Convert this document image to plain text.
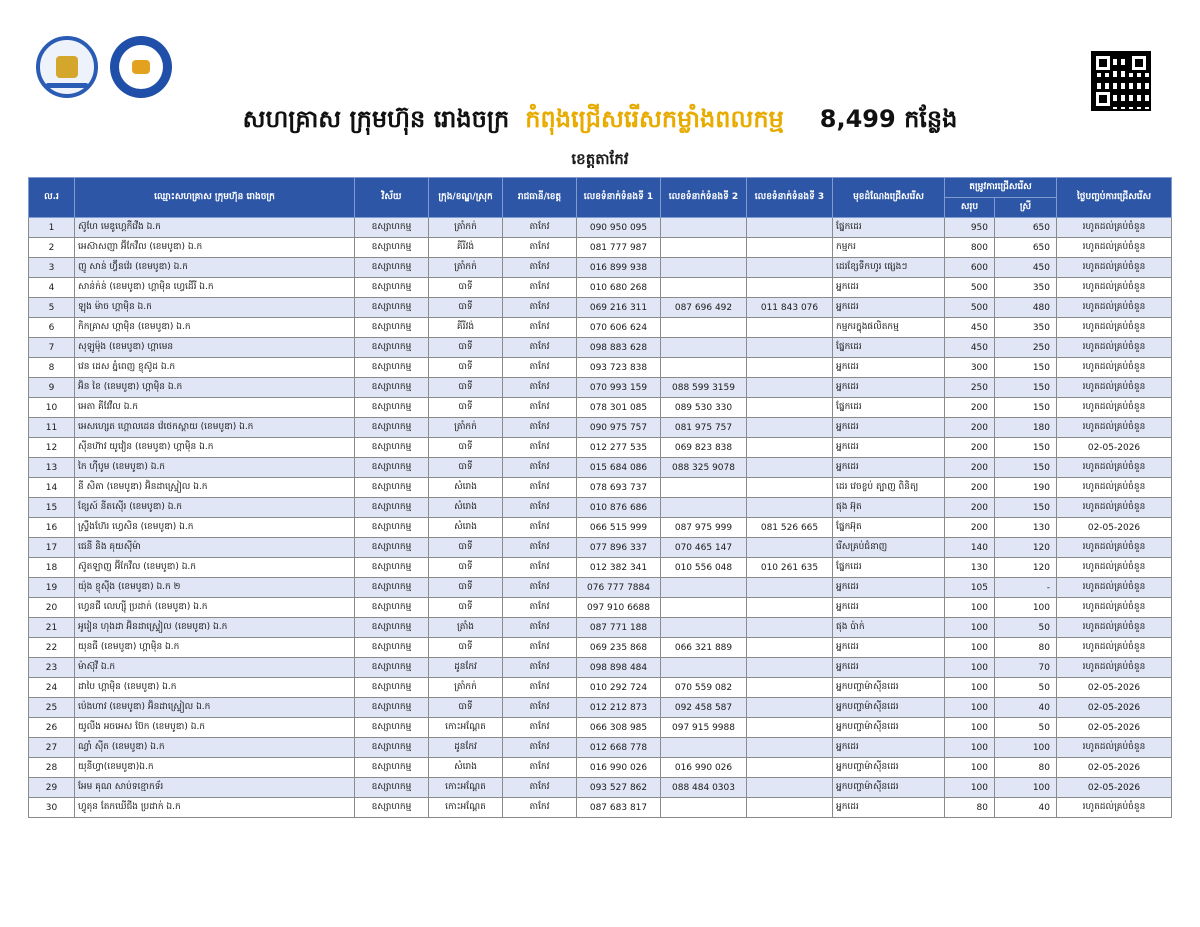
សហគ្រាស ក្រុមហ៊ុន រោងចក្រ កំពុងជ្រើសរើសកម្លាំងពលកម្ម 8,499 កន្លែង
ខេត្តតាកែវ
ល.រ	ឈ្មោះសហគ្រាស ក្រុមហ៊ុន រោងចក្រ	វិស័យ	ក្រុង/ខណ្ឌ/ស្រុក	រាជធានី/ខេត្ត	លេខទំនាក់ទំនងទី 1	លេខទំនាក់ទំនងទី 2	លេខទំនាក់ទំនងទី 3	មុខដំណែងជ្រើសរើស	តម្រូវការជ្រើសរើស		ថ្ងៃបញ្ចប់ការជ្រើសរើស
									សរុប	ស្រី	
1	ស៊ូហែ មេឌូហ្គេកឺវើង ឯ.ក	ឧស្សាហកម្ម	ត្រាំកក់	តាកែវ	090 950 095			ផ្នែកដេរ	950	650	រហូតដល់គ្រប់ចំនួន
2	អេស៊ាសញា អ៊ីកែវឹល (ខេមបូឌា) ឯ.ក	ឧស្សាហកម្ម	គីរីវង់	តាកែវ	081 777 987			កម្មករ	800	650	រហូតដល់គ្រប់ចំនួន
3	ញូ សាន់ ហ្វ៊ីនវ៉េរ (ខេមបូឌា) ឯ.ក	ឧស្សាហកម្ម	ត្រាំកក់	តាកែវ	016 899 938			ដេរខ្សែទឹកហូរ ផ្សេងៗ	600	450	រហូតដល់គ្រប់ចំនួន
4	សាន់ក់ន់ (ខេមបូឌា) ហ្គាម៉ិន ហ្វេដើរី ឯ.ក	ឧស្សាហកម្ម	បាទី	តាកែវ	010 680 268			អ្នកដេរ	500	350	រហូតដល់គ្រប់ចំនួន
5	ឡុង ម៉ាច ហ្គាម៉ិន ឯ.ក	ឧស្សាហកម្ម	បាទី	តាកែវ	069 216 311	087 696 492	011 843 076	អ្នកដេរ	500	480	រហូតដល់គ្រប់ចំនួន
6	កិកគ្រាស ហ្គាម៉ិន (ខេមបូឌា) ឯ.ក	ឧស្សាហកម្ម	គីរីវង់	តាកែវ	070 606 624			កម្មករក្នុងផលិតកម្ម	450	350	រហូតដល់គ្រប់ចំនួន
7	សុឡូម៉ុង (ខេមបូឌា) ហ្គាមេន	ឧស្សាហកម្ម	បាទី	តាកែវ	098 883 628			ផ្នែកដេរ	450	250	រហូតដល់គ្រប់ចំនួន
8	វេន ដេស ភ្នំពេញ ខ្ញុស៊ូដ ឯ.ក	ឧស្សាហកម្ម	បាទី	តាកែវ	093 723 838			អ្នកដេរ	300	150	រហូតដល់គ្រប់ចំនួន
9	អ៊ិន ខៃ (ខេមបូឌា) ហ្គាម៉ិន ឯ.ក	ឧស្សាហកម្ម	បាទី	តាកែវ	070 993 159	088 599 3159		អ្នកដេរ	250	150	រហូតដល់គ្រប់ចំនួន
10	អេតា គីវែវឹល ឯ.ក	ឧស្សាហកម្ម	បាទី	តាកែវ	078 301 085	089 530 330		ផ្នែកដេរ	200	150	រហូតដល់គ្រប់ចំនួន
11	អេសហ្សេត ហ្គោលដេន វ៉េថេកស្តាយ (ខេមបូឌា) ឯ.ក	ឧស្សាហកម្ម	ត្រាំកក់	តាកែវ	090 975 757	081 975 757		អ្នកដេរ	200	180	រហូតដល់គ្រប់ចំនួន
12	ស៊ីនហ៊ាវ យូវៀន (ខេមបូឌា) ហ្គាម៉ិន ឯ.ក	ឧស្សាហកម្ម	បាទី	តាកែវ	012 277 535	069 823 838		អ្នកដេរ	200	150	02-05-2026
13	កៃ ហ៊ីបូម (ខេមបូឌា) ឯ.ក	ឧស្សាហកម្ម	បាទី	តាកែវ	015 684 086	088 325 9078		អ្នកដេរ	200	150	រហូតដល់គ្រប់ចំនួន
14	នី សិតា (ខេមបូឌា) អ៊ិនដាស្ទ្រៀល ឯ.ក	ឧស្សាហកម្ម	សំរោង	តាកែវ	078 693 737			ដេរ វេចខ្ចប់ ត្បាញ ពិនិត្យ	200	190	រហូតដល់គ្រប់ចំនួន
15	ខ្សែស៍ នីតស៊ើរ (ខេមបូឌា) ឯ.ក	ឧស្សាហកម្ម	សំរោង	តាកែវ	010 876 686			ផុង អ៊ុត	200	150	រហូតដល់គ្រប់ចំនួន
16	ស្រ្ទឹងហ៊ែរ ហ្វេសិន (ខេមបូឌា) ឯ.ក	ឧស្សាហកម្ម	សំរោង	តាកែវ	066 515 999	087 975 999	081 526 665	ផ្នែកអ៊ុត	200	130	02-05-2026
17	ជេនី និង គុយស៊ីម៉ា	ឧស្សាហកម្ម	បាទី	តាកែវ	077 896 337	070 465 147		រើសគ្រប់ជំនាញ	140	120	រហូតដល់គ្រប់ចំនួន
18	ស៊ូតឡាញ អ៊ីកែវឹល (ខេមបូឌា) ឯ.ក	ឧស្សាហកម្ម	បាទី	តាកែវ	012 382 341	010 556 048	010 261 635	ផ្នែកដេរ	130	120	រហូតដល់គ្រប់ចំនួន
19	យ៉ុង ខ្ញុស៊ីង (ខេមបូឌា) ឯ.ក ២	ឧស្សាហកម្ម	បាទី	តាកែវ	076 777 7884			អ្នកដេរ	105	-	រហូតដល់គ្រប់ចំនួន
20	ហ្វេនជី លេហ្ស៊ី ប្រដាក់ (ខេមបូឌា) ឯ.ក	ឧស្សាហកម្ម	បាទី	តាកែវ	097 910 6688			អ្នកដេរ	100	100	រហូតដល់គ្រប់ចំនួន
21	អូរៀន ហុងដា អ៊ិនដាស្ទ្រៀល (ខេមបូឌា) ឯ.ក	ឧស្សាហកម្ម	ត្រាំង	តាកែវ	087 771 188			ផុង ប៉ាក់	100	50	រហូតដល់គ្រប់ចំនួន
22	យុនធី (ខេមបូឌា) ហ្គាម៉ិន ឯ.ក	ឧស្សាហកម្ម	បាទី	តាកែវ	069 235 868	066 321 889		អ្នកដេរ	100	80	រហូតដល់គ្រប់ចំនួន
23	ម៉ាស៊ុវី ឯ.ក	ឧស្សាហកម្ម	ដូនកែវ	តាកែវ	098 898 484			អ្នកដេរ	100	70	រហូតដល់គ្រប់ចំនួន
24	ដាបៃ ហ្គាម៉ិន (ខេមបូឌា) ឯ.ក	ឧស្សាហកម្ម	ត្រាំកក់	តាកែវ	010 292 724	070 559 082		អ្នកបញ្ជាម៉ាស៊ីនដេរ	100	50	02-05-2026
25	ប៉េងហាវ (ខេមបូឌា) អ៊ិនដាស្ទ្រៀល ឯ.ក	ឧស្សាហកម្ម	បាទី	តាកែវ	012 212 873	092 458 587		អ្នកបញ្ជាម៉ាស៊ីនដេរ	100	40	02-05-2026
26	យូលីង អចអេស ប៊ែក (ខេមបូឌា) ឯ.ក	ឧស្សាហកម្ម	កោះអណ្តែត	តាកែវ	066 308 985	097 915 9988		អ្នកបញ្ជាម៉ាស៊ីនដេរ	100	50	02-05-2026
27	ណ្វាំ ស៊ីត (ខេមបូឌា) ឯ.ក	ឧស្សាហកម្ម	ដូនកែវ	តាកែវ	012 668 778			អ្នកដេរ	100	100	រហូតដល់គ្រប់ចំនួន
28	យុនីហ្វា(ខេមបូឌា)ឯ.ក	ឧស្សាហកម្ម	សំរោង	តាកែវ	016 990 026	016 990 026		អ្នកបញ្ជាម៉ាស៊ីនដេរ	100	80	02-05-2026
29	អែម គុណ សាប់ទខ្មោកទ័រ	ឧស្សាហកម្ម	កោះអណ្តែត	តាកែវ	093 527 862	088 484 0303		អ្នកបញ្ជាម៉ាស៊ីនដេរ	100	100	02-05-2026
30	ហ្វូតុន តែកឃើជីង ប្រដាក់ ឯ.ក	ឧស្សាហកម្ម	កោះអណ្តែត	តាកែវ	087 683 817			អ្នកដេរ	80	40	រហូតដល់គ្រប់ចំនួន
